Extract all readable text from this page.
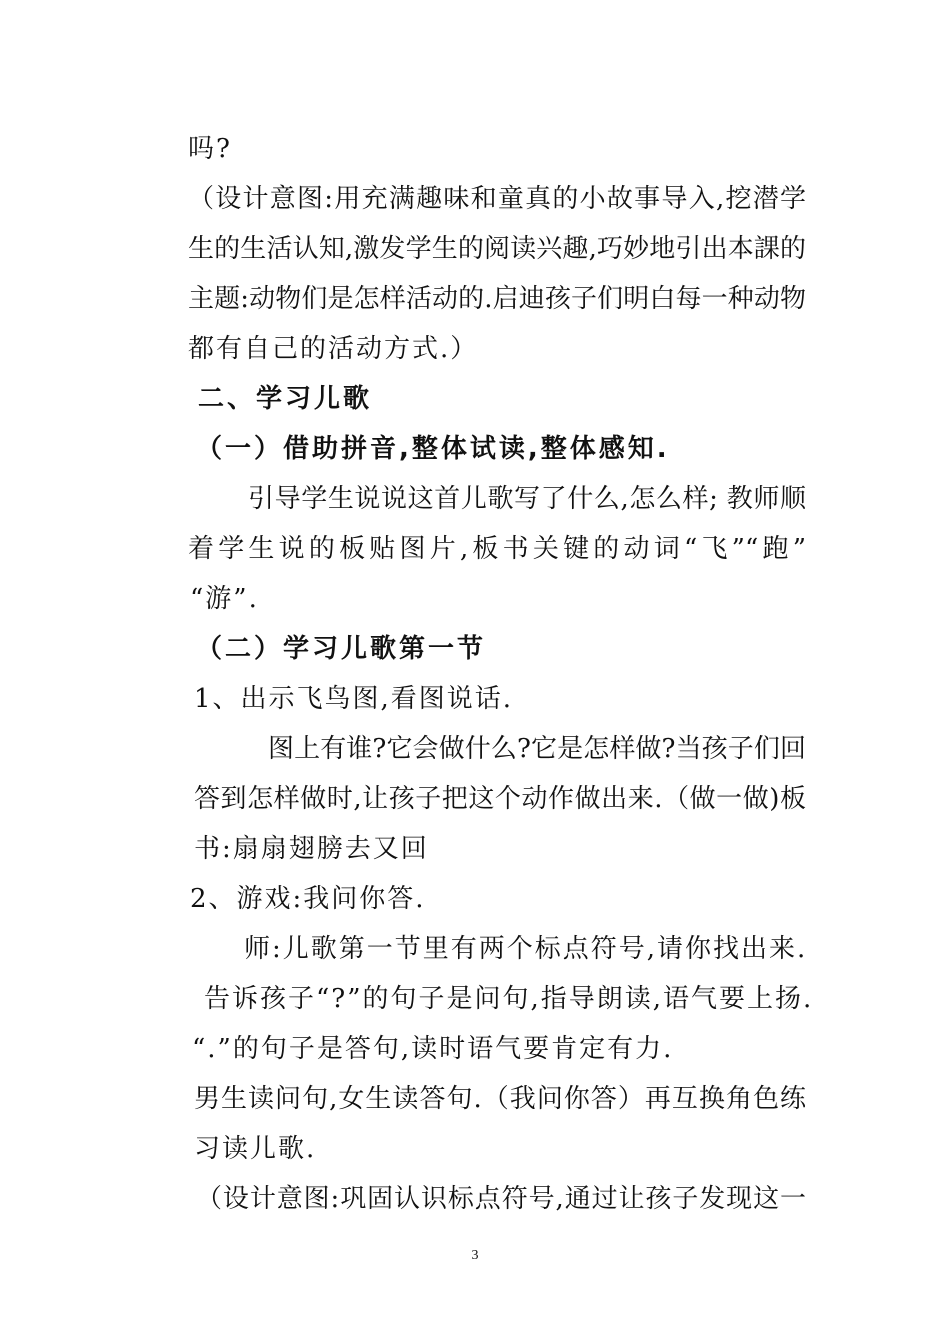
吗?
（设计意图:用充满趣味和童真的小故事导入,挖潜学
生的生活认知,激发学生的阅读兴趣,巧妙地引出本課的
主题:动物们是怎样活动的.启迪孩子们明白每一种动物
都有自己的活动方式.）
二、学习儿歌
（一）借助拼音,整体试读,整体感知.
引导学生说说这首儿歌写了什么,怎么样; 教师顺
着学生说的板贴图片,板书关键的动词“飞”“跑”
“游”.
（二）学习儿歌第一节
1、出示飞鸟图,看图说话.
图上有谁?它会做什么?它是怎样做?当孩子们回
答到怎样做时,让孩子把这个动作做出来.（做一做)板
书:扇扇翅膀去又回
2、游戏:我问你答.
师:儿歌第一节里有两个标点符号,请你找出来.
告诉孩子“?”的句子是问句,指导朗读,语气要上扬.
“.”的句子是答句,读时语气要肯定有力.
男生读问句,女生读答句.（我问你答）再互换角色练
习读儿歌.
（设计意图:巩固认识标点符号,通过让孩子发现这一
3
